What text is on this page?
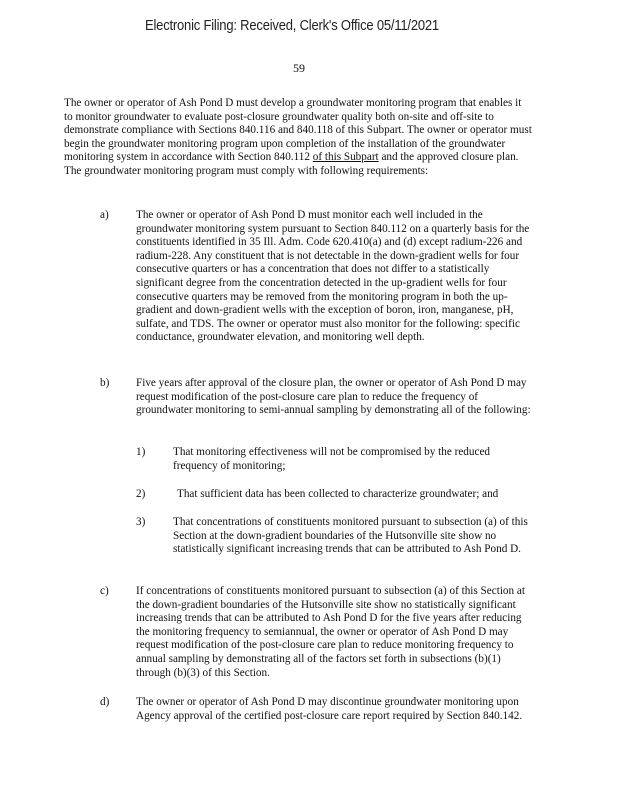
Electronic Filing: Received, Clerk's Office 05/11/2021
59
The owner or operator of Ash Pond D must develop a groundwater monitoring program that enables it to monitor groundwater to evaluate post-closure groundwater quality both on-site and off-site to demonstrate compliance with Sections 840.116 and 840.118 of this Subpart. The owner or operator must begin the groundwater monitoring program upon completion of the installation of the groundwater monitoring system in accordance with Section 840.112 of this Subpart and the approved closure plan. The groundwater monitoring program must comply with following requirements:
a) The owner or operator of Ash Pond D must monitor each well included in the groundwater monitoring system pursuant to Section 840.112 on a quarterly basis for the constituents identified in 35 Ill. Adm. Code 620.410(a) and (d) except radium-226 and radium-228. Any constituent that is not detectable in the down-gradient wells for four consecutive quarters or has a concentration that does not differ to a statistically significant degree from the concentration detected in the up-gradient wells for four consecutive quarters may be removed from the monitoring program in both the up-gradient and down-gradient wells with the exception of boron, iron, manganese, pH, sulfate, and TDS. The owner or operator must also monitor for the following: specific conductance, groundwater elevation, and monitoring well depth.
b) Five years after approval of the closure plan, the owner or operator of Ash Pond D may request modification of the post-closure care plan to reduce the frequency of groundwater monitoring to semi-annual sampling by demonstrating all of the following:
1) That monitoring effectiveness will not be compromised by the reduced frequency of monitoring;
2)	That sufficient data has been collected to characterize groundwater; and
3) That concentrations of constituents monitored pursuant to subsection (a) of this Section at the down-gradient boundaries of the Hutsonville site show no statistically significant increasing trends that can be attributed to Ash Pond D.
c) If concentrations of constituents monitored pursuant to subsection (a) of this Section at the down-gradient boundaries of the Hutsonville site show no statistically significant increasing trends that can be attributed to Ash Pond D for the five years after reducing the monitoring frequency to semiannual, the owner or operator of Ash Pond D may request modification of the post-closure care plan to reduce monitoring frequency to annual sampling by demonstrating all of the factors set forth in subsections (b)(1) through (b)(3) of this Section.
d) The owner or operator of Ash Pond D may discontinue groundwater monitoring upon Agency approval of the certified post-closure care report required by Section 840.142.
